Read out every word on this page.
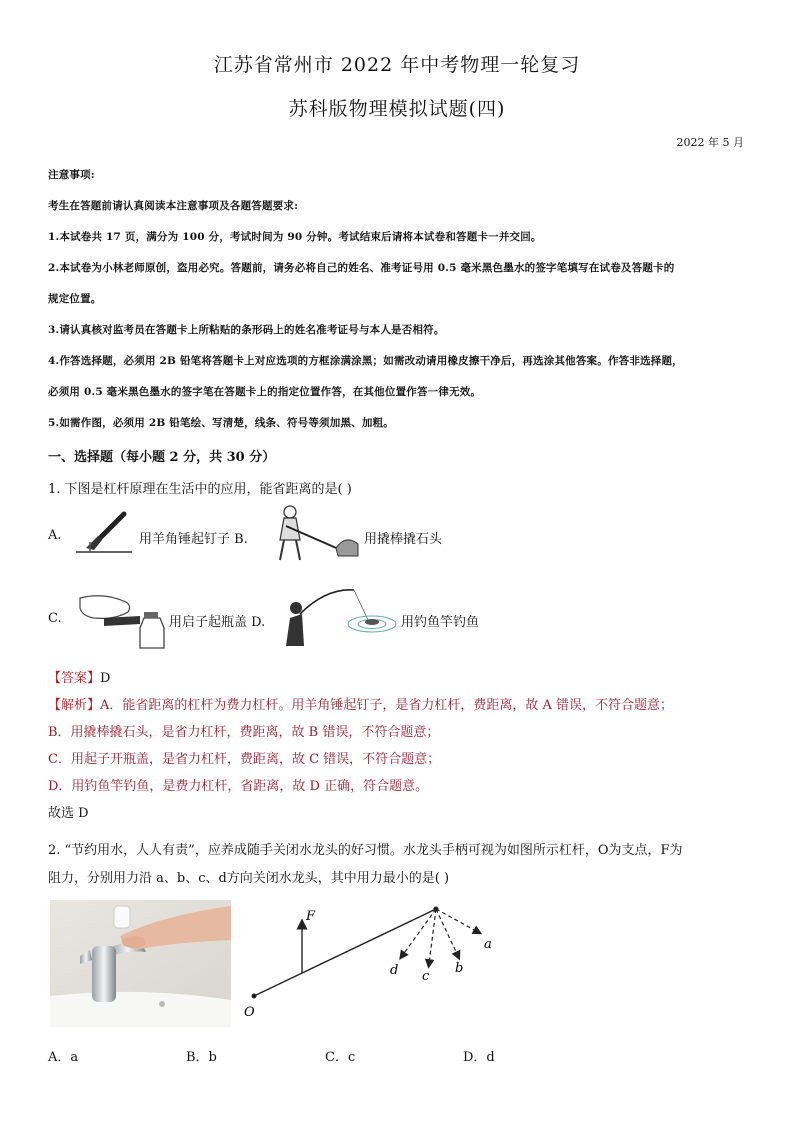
江苏省常州市 2022 年中考物理一轮复习
苏科版物理模拟试题(四)
2022 年 5 月
注意事项:
考生在答题前请认真阅读本注意事项及各题答题要求:
1.本试卷共 17 页，满分为 100 分，考试时间为 90 分钟。考试结束后请将本试卷和答题卡一并交回。
2.本试卷为小林老师原创，盗用必究。答题前，请务必将自己的姓名、准考证号用 0.5 毫米黑色墨水的签字笔填写在试卷及答题卡的
规定位置。
3.请认真核对监考员在答题卡上所粘贴的条形码上的姓名准考证号与本人是否相符。
4.作答选择题，必须用 2B 铅笔将答题卡上对应选项的方框涂满涂黑；如需改动请用橡皮擦干净后，再选涂其他答案。作答非选择题，
必须用 0.5 毫米黑色墨水的签字笔在答题卡上的指定位置作答，在其他位置作答一律无效。
5.如需作图，必须用 2B 铅笔绘、写清楚，线条、符号等须加黑、加粗。
一、选择题（每小题 2 分，共 30 分）
1. 下图是杠杆原理在生活中的应用，能省距离的是( )
A.	用羊角锤起钉子 B.	用撬棒撬石头
C.	用启子起瓶盖 D.	用钓鱼竿钓鱼
【答案】D
【解析】A．能省距离的杠杆为费力杠杆。用羊角锤起钉子，是省力杠杆，费距离，故 A 错误，不符合题意；
B．用撬棒撬石头，是省力杠杆，费距离，故 B 错误，不符合题意；
C．用起子开瓶盖，是省力杠杆，费距离，故 C 错误，不符合题意；
D．用钓鱼竿钓鱼，是费力杠杆，省距离，故 D 正确，符合题意。
故选 D
2. “节约用水，人人有责”，应养成随手关闭水龙头的好习惯。水龙头手柄可视为如图所示杠杆，O为支点，F为
阻力，分别用力沿 a、b、c、d方向关闭水龙头，其中用力最小的是( )
F
O
a
b
c
d
A．a	B．b	C．c	D．d
